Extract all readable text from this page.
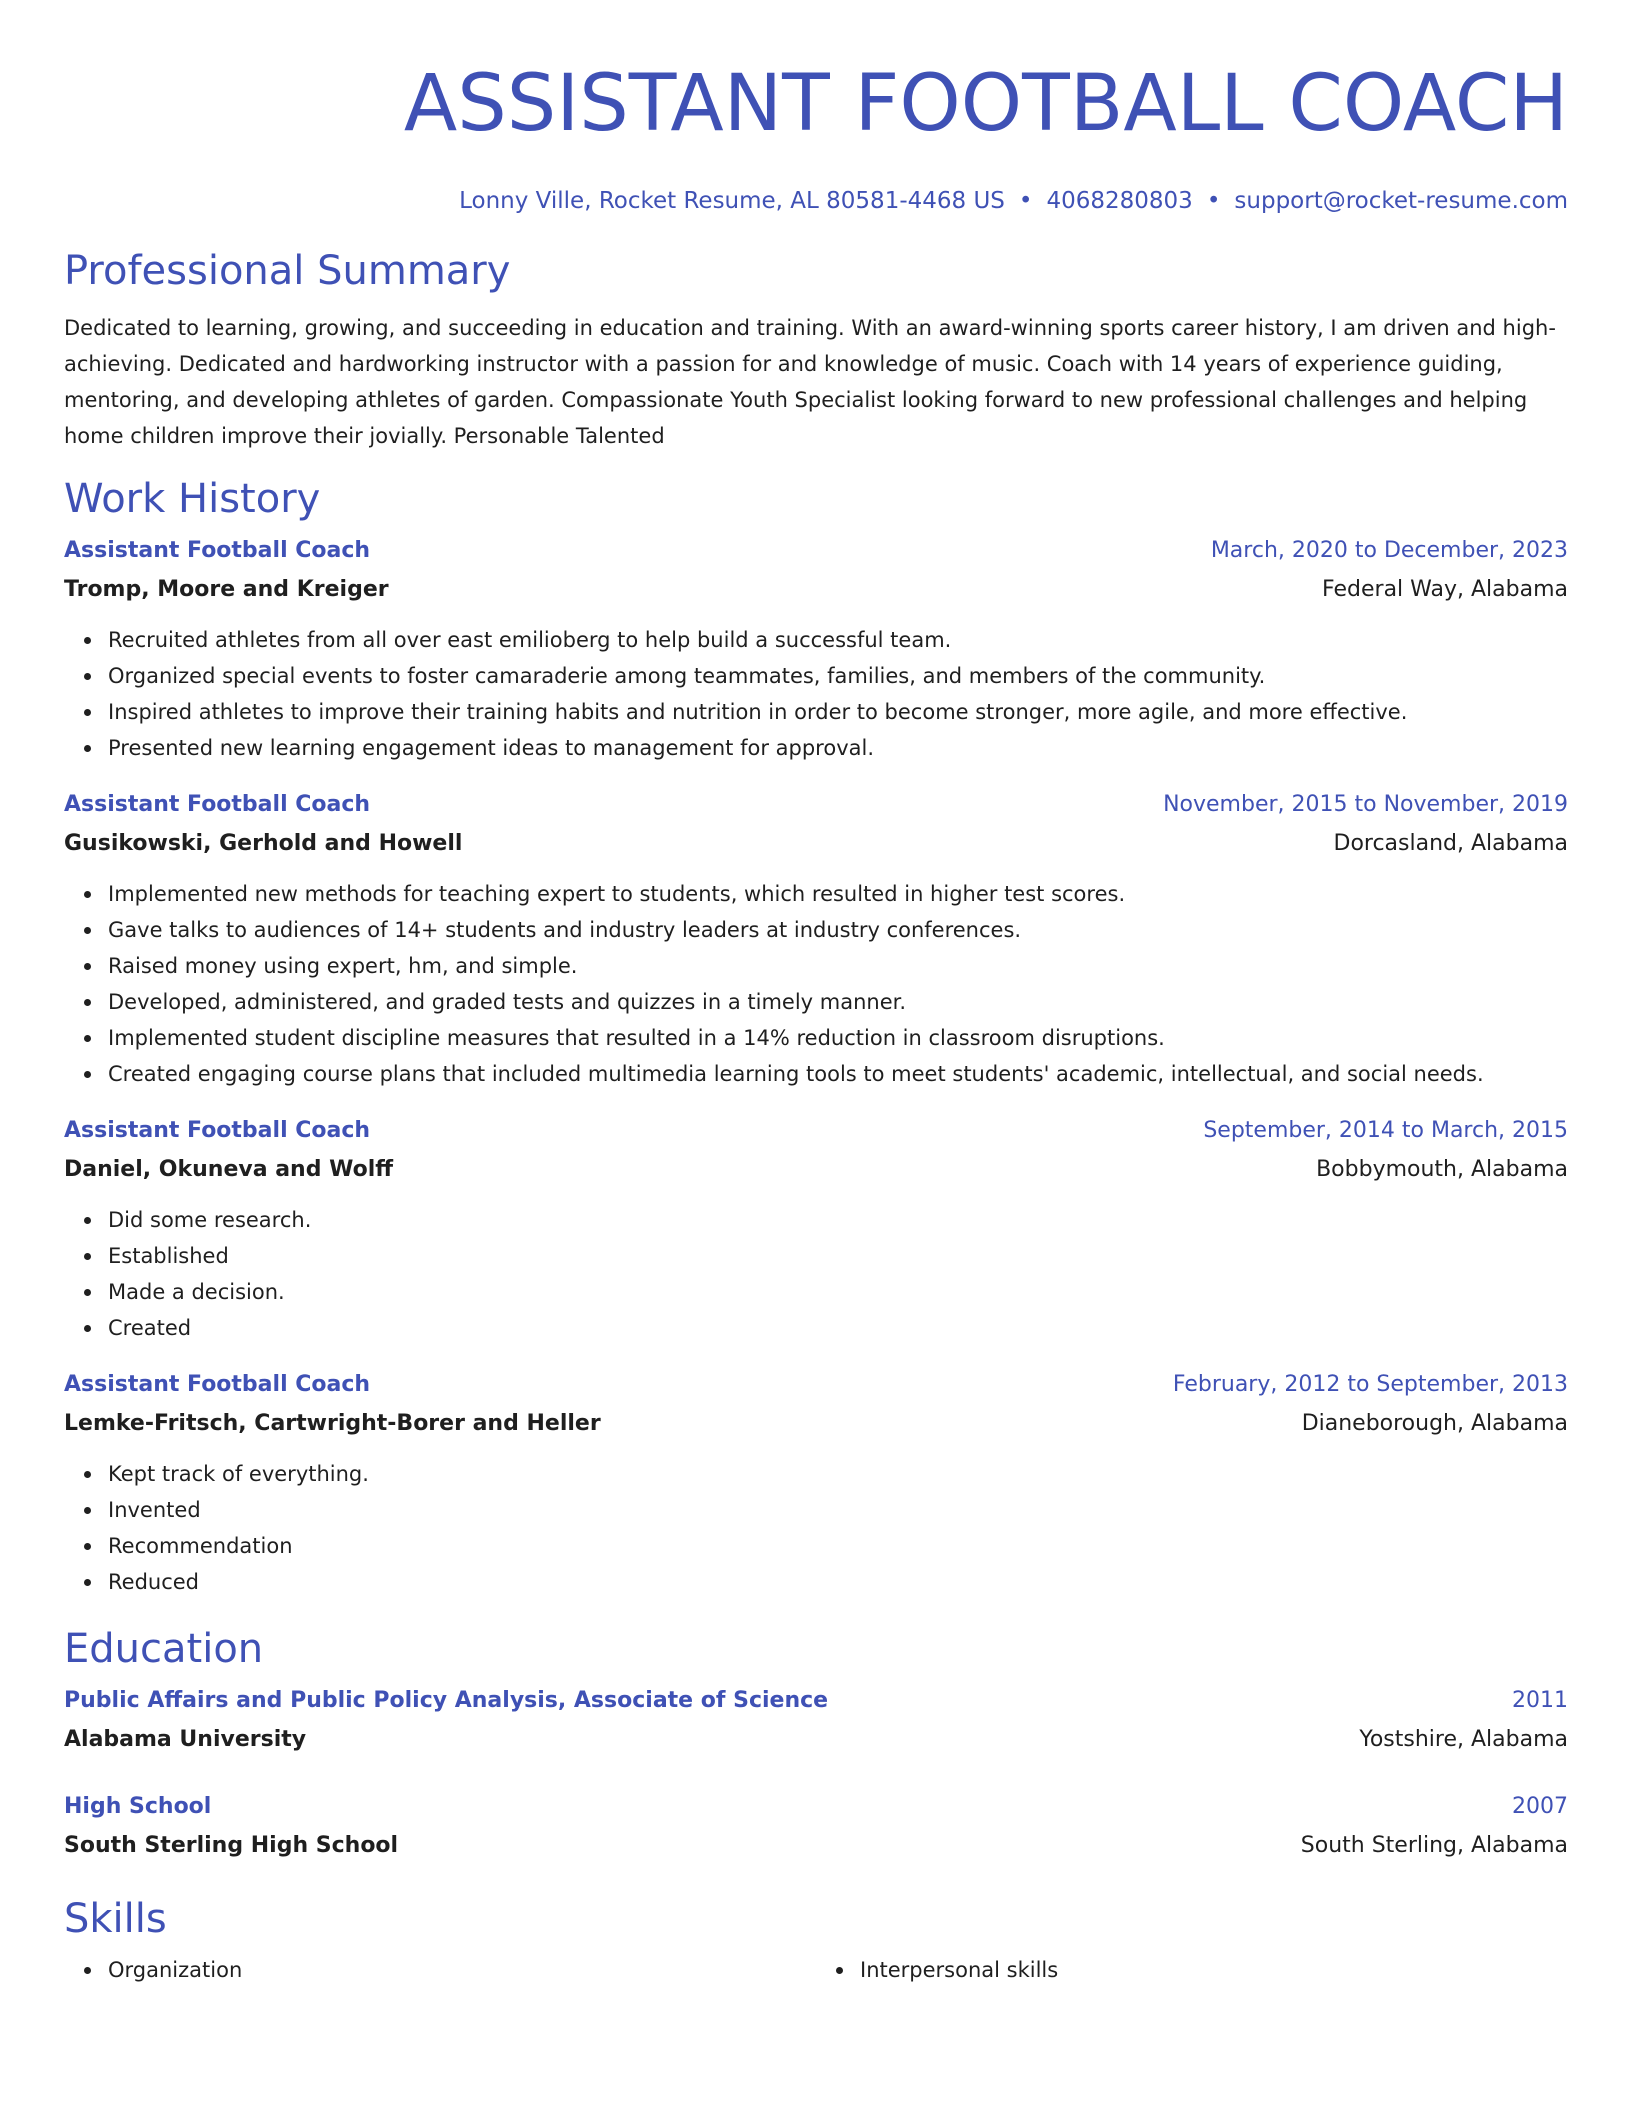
ASSISTANT FOOTBALL COACH
Lonny Ville, Rocket Resume, AL 80581-4468 US • 4068280803 • support@rocket-resume.com
Professional Summary

Dedicated to learning, growing, and succeeding in education and training. With an award-winning sports career history, I am driven and high-achieving. Dedicated and hardworking instructor with a passion for and knowledge of music. Coach with 14 years of experience guiding, mentoring, and developing athletes of garden. Compassionate Youth Specialist looking forward to new professional challenges and helping home children improve their jovially. Personable Talented

Work History
Assistant Football Coach	March, 2020 to December, 2023
Tromp, Moore and Kreiger	Federal Way, Alabama
Recruited athletes from all over east emilioberg to help build a successful team.
Organized special events to foster camaraderie among teammates, families, and members of the community.
Inspired athletes to improve their training habits and nutrition in order to become stronger, more agile, and more effective.
Presented new learning engagement ideas to management for approval.
Assistant Football Coach	November, 2015 to November, 2019
Gusikowski, Gerhold and Howell	Dorcasland, Alabama
Implemented new methods for teaching expert to students, which resulted in higher test scores.
Gave talks to audiences of 14+ students and industry leaders at industry conferences.
Raised money using expert, hm, and simple.
Developed, administered, and graded tests and quizzes in a timely manner.
Implemented student discipline measures that resulted in a 14% reduction in classroom disruptions.
Created engaging course plans that included multimedia learning tools to meet students' academic, intellectual, and social needs.
Assistant Football Coach	September, 2014 to March, 2015
Daniel, Okuneva and Wolff	Bobbymouth, Alabama
Did some research.
Established
Made a decision.
Created
Assistant Football Coach	February, 2012 to September, 2013
Lemke-Fritsch, Cartwright-Borer and Heller	Dianeborough, Alabama
Kept track of everything.
Invented
Recommendation
Reduced
Education
Public Affairs and Public Policy Analysis, Associate of Science	2011
Alabama University	Yostshire, Alabama
High School	2007
South Sterling High School	South Sterling, Alabama
Skills
Organization	Interpersonal skills
